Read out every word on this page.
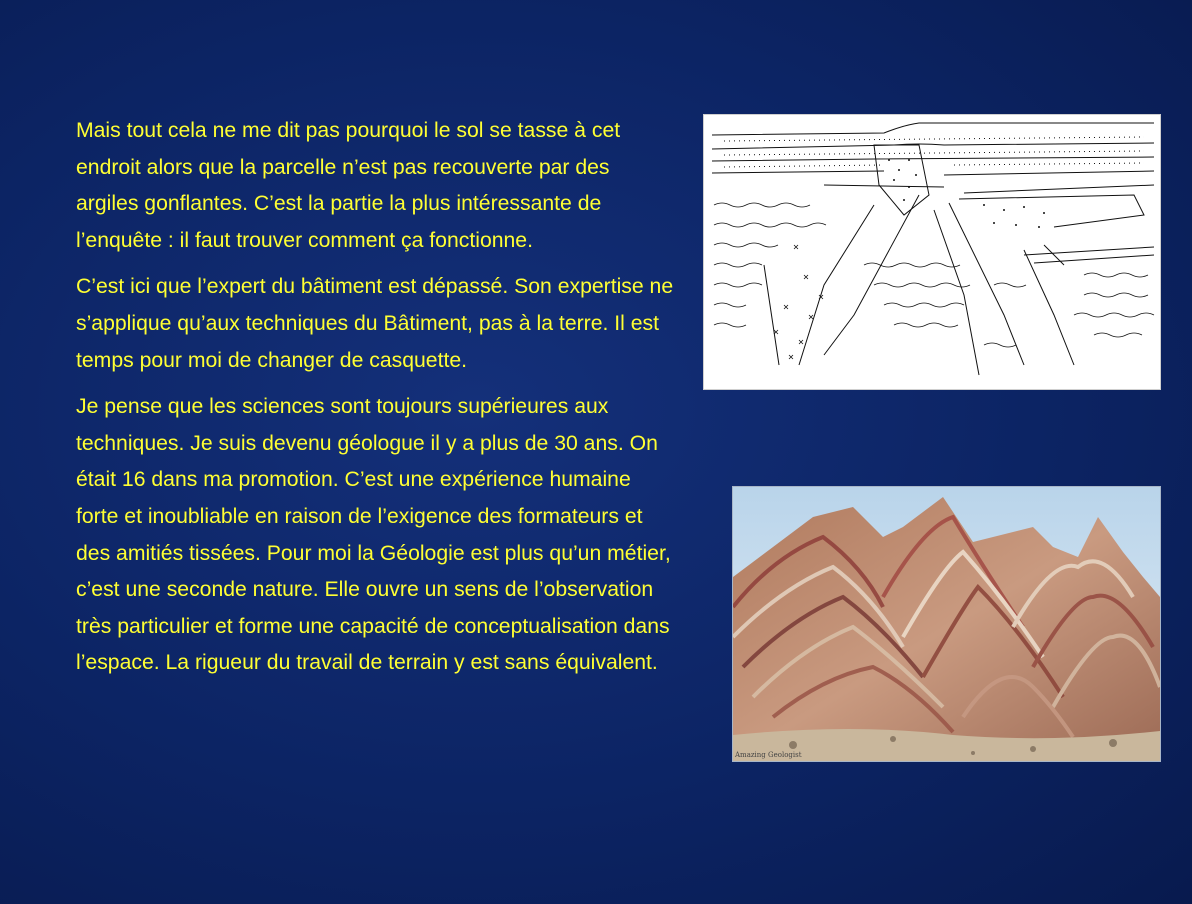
Mais tout cela ne me dit pas pourquoi le sol se tasse à cet endroit alors que la parcelle n’est pas recouverte par des argiles gonflantes. C’est la partie la plus intéressante de l’enquête : il faut trouver comment ça fonctionne.

C’est ici que l’expert du bâtiment est dépassé. Son expertise ne s’applique qu’aux techniques du Bâtiment, pas à la terre. Il est temps pour moi de changer de casquette.

Je pense que les sciences sont toujours supérieures aux techniques. Je suis devenu géologue il y a plus de 30 ans. On était 16 dans ma promotion. C’est une expérience humaine forte et inoubliable en raison de l’exigence des formateurs et des amitiés tissées. Pour moi la Géologie est plus qu’un métier, c’est une seconde nature. Elle ouvre un sens de l’observation très particulier et forme une capacité de conceptualisation dans l’espace. La rigueur du travail de terrain y est sans équivalent.

Amazing Geologist
